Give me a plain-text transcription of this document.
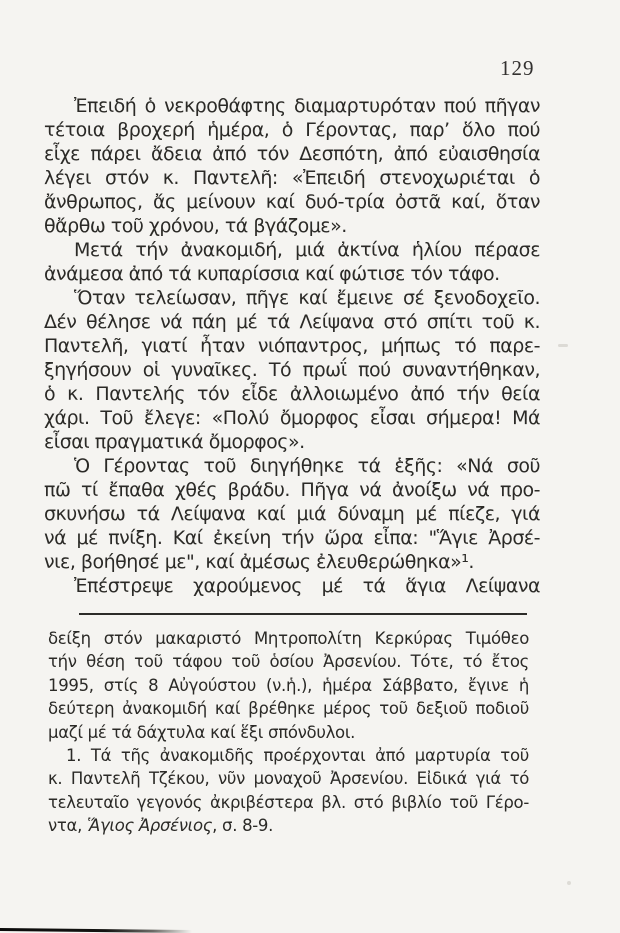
129
Ἐπειδή ὁ νεκροθάφτης διαμαρτυρόταν πού πῆγαν
τέτοια βροχερή ἡμέρα, ὁ Γέροντας, παρ’ ὅλο πού
εἶχε πάρει ἄδεια ἀπό τόν Δεσπότη, ἀπό εὐαισθησία
λέγει στόν κ. Παντελῆ: «Ἐπειδή στενοχωριέται ὁ
ἄνθρωπος, ἄς μείνουν καί δυό-τρία ὀστᾶ καί, ὅταν
θἄρθω τοῦ χρόνου, τά βγάζομε».
Μετά τήν ἀνακομιδή, μιά ἀκτίνα ἡλίου πέρασε
ἀνάμεσα ἀπό τά κυπαρίσσια καί φώτισε τόν τάφο.
Ὅταν τελείωσαν, πῆγε καί ἔμεινε σέ ξενοδοχεῖο.
Δέν θέλησε νά πάη μέ τά Λείψανα στό σπίτι τοῦ κ.
Παντελῆ, γιατί ἦταν νιόπαντρος, μήπως τό παρε-
ξηγήσουν οἱ γυναῖκες. Τό πρωΐ πού συναντήθηκαν,
ὁ κ. Παντελής τόν εἶδε ἀλλοιωμένο ἀπό τήν θεία
χάρι. Τοῦ ἔλεγε: «Πολύ ὄμορφος εἶσαι σήμερα! Μά
εἶσαι πραγματικά ὄμορφος».
Ὁ Γέροντας τοῦ διηγήθηκε τά ἑξῆς: «Νά σοῦ
πῶ τί ἔπαθα χθές βράδυ. Πῆγα νά ἀνοίξω νά προ-
σκυνήσω τά Λείψανα καί μιά δύναμη μέ πίεζε, γιά
νά μέ πνίξη. Καί ἐκείνη τήν ὥρα εἶπα: "Ἅγιε Ἀρσέ-
νιε, βοήθησέ με", καί ἀμέσως ἐλευθερώθηκα»¹.
Ἐπέστρεψε χαρούμενος μέ τά ἅγια Λείψανα
δείξη στόν μακαριστό Μητροπολίτη Κερκύρας Τιμόθεο
τήν θέση τοῦ τάφου τοῦ ὁσίου Ἀρσενίου. Τότε, τό ἔτος
1995, στίς 8 Αὐγούστου (ν.ἡ.), ἡμέρα Σάββατο, ἔγινε ἡ
δεύτερη ἀνακομιδή καί βρέθηκε μέρος τοῦ δεξιοῦ ποδιοῦ
μαζί μέ τά δάχτυλα καί ἕξι σπόνδυλοι.
1. Τά τῆς ἀνακομιδῆς προέρχονται ἀπό μαρτυρία τοῦ
κ. Παντελῆ Τζέκου, νῦν μοναχοῦ Ἀρσενίου. Εἰδικά γιά τό
τελευταῖο γεγονός ἀκριβέστερα βλ. στό βιβλίο τοῦ Γέρο-
ντα, Ἅγιος Ἀρσένιος, σ. 8-9.
